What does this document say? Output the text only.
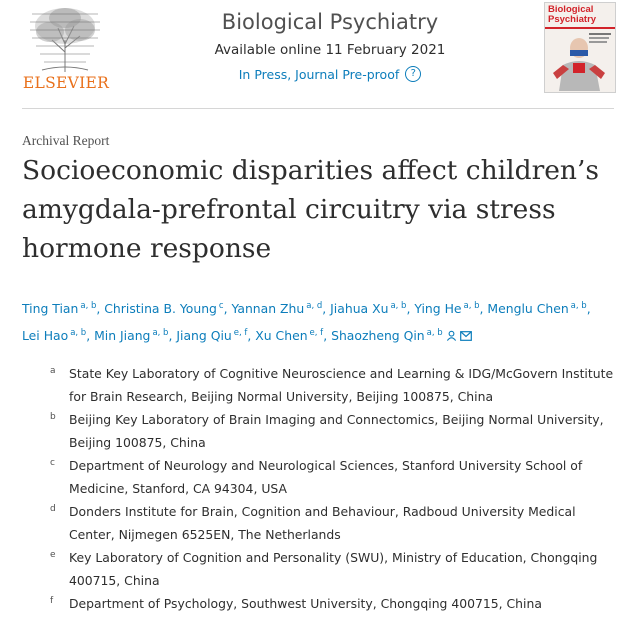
ELSEVIER
Biological Psychiatry
Available online 11 February 2021
In Press, Journal Pre-proof	?
Biological Psychiatry
Archival Report
Socioeconomic disparities affect children’s amygdala-prefrontal circuitry via stress hormone response
Ting Tian $^{a, b}$, Christina B. Young $^c$, Yannan Zhu $^{a, d}$, Jiahua Xu $^{a, b}$, Ying He $^{a, b}$, Menglu Chen $^{a, b}$, Lei Hao $^{a, b}$, Min Jiang $^{a, b}$, Jiang Qiu $^{e, f}$, Xu Chen $^{e, f}$, Shaozheng Qin $^{a, b}$
a State Key Laboratory of Cognitive Neuroscience and Learning & IDG/McGovern Institute for Brain Research, Beijing Normal University, Beijing 100875, China
b Beijing Key Laboratory of Brain Imaging and Connectomics, Beijing Normal University, Beijing 100875, China
c Department of Neurology and Neurological Sciences, Stanford University School of Medicine, Stanford, CA 94304, USA
d Donders Institute for Brain, Cognition and Behaviour, Radboud University Medical Center, Nijmegen 6525EN, The Netherlands
e Key Laboratory of Cognition and Personality (SWU), Ministry of Education, Chongqing 400715, China
f Department of Psychology, Southwest University, Chongqing 400715, China
